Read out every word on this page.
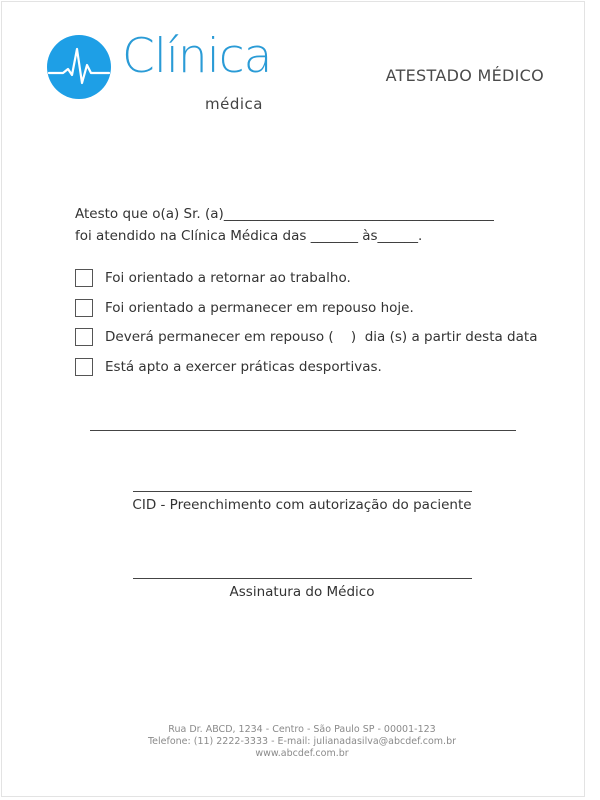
Clínica
médica
ATESTADO MÉDICO
Atesto que o(a) Sr. (a)________________________________________
foi atendido na Clínica Médica das _______ às______.
Foi orientado a retornar ao trabalho.
Foi orientado a permanecer em repouso hoje.
Deverá permanecer em repouso (    )  dia (s) a partir desta data
Está apto a exercer práticas desportivas.
CID - Preenchimento com autorização do paciente
Assinatura do Médico
Rua Dr. ABCD, 1234 - Centro - São Paulo SP - 00001-123
Telefone: (11) 2222-3333 - E-mail: julianadasilva@abcdef.com.br
www.abcdef.com.br
